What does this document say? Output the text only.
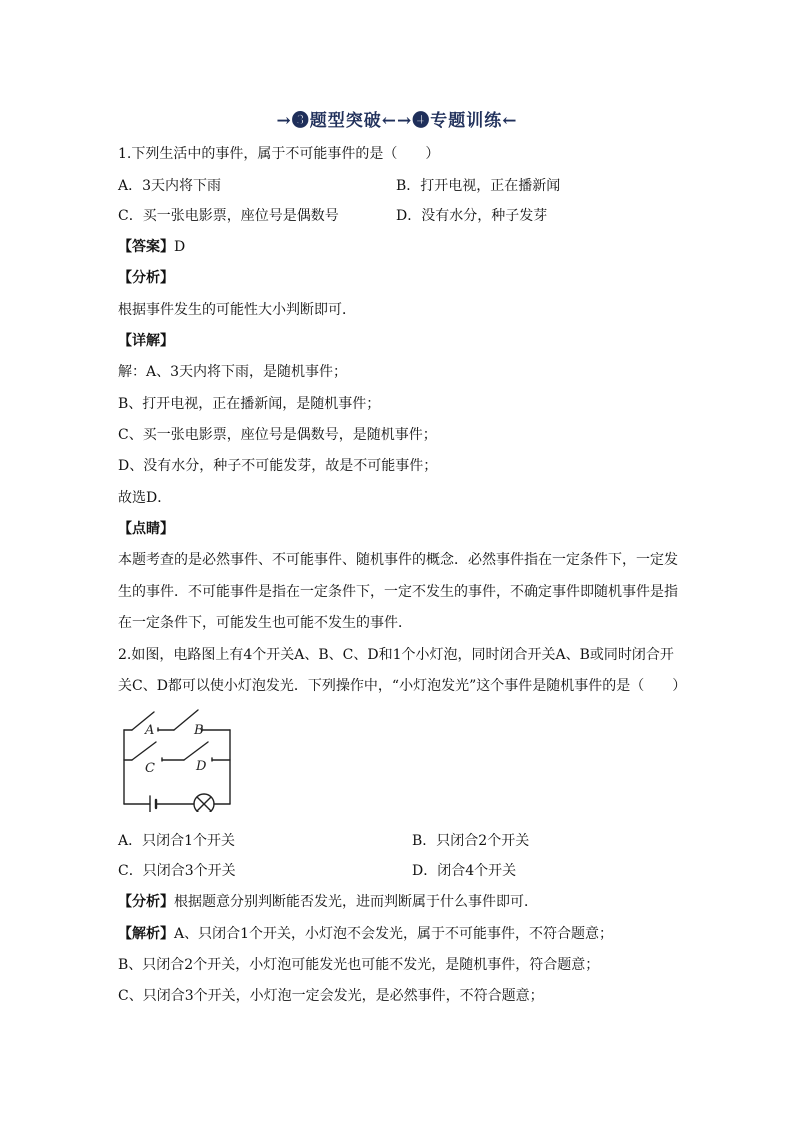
→❸题型突破←→❹专题训练←
1.下列生活中的事件，属于不可能事件的是（　　）
A．3天内将下雨	B．打开电视，正在播新闻
C．买一张电影票，座位号是偶数号	D．没有水分，种子发芽
【答案】D
【分析】
根据事件发生的可能性大小判断即可．
【详解】
解：A、3天内将下雨，是随机事件；
B、打开电视，正在播新闻，是随机事件；
C、买一张电影票，座位号是偶数号，是随机事件；
D、没有水分，种子不可能发芽，故是不可能事件；
故选D．
【点睛】
本题考查的是必然事件、不可能事件、随机事件的概念．必然事件指在一定条件下，一定发
生的事件．不可能事件是指在一定条件下，一定不发生的事件，不确定事件即随机事件是指
在一定条件下，可能发生也可能不发生的事件．
2.如图，电路图上有4个开关A、B、C、D和1个小灯泡，同时闭合开关A、B或同时闭合开
关C、D都可以使小灯泡发光．下列操作中，“小灯泡发光”这个事件是随机事件的是（　　）
A	B
C	D
A．只闭合1个开关	B．只闭合2个开关
C．只闭合3个开关	D．闭合4个开关
【分析】根据题意分别判断能否发光，进而判断属于什么事件即可．
【解析】A、只闭合1个开关，小灯泡不会发光，属于不可能事件，不符合题意；
B、只闭合2个开关，小灯泡可能发光也可能不发光，是随机事件，符合题意；
C、只闭合3个开关，小灯泡一定会发光，是必然事件，不符合题意；
